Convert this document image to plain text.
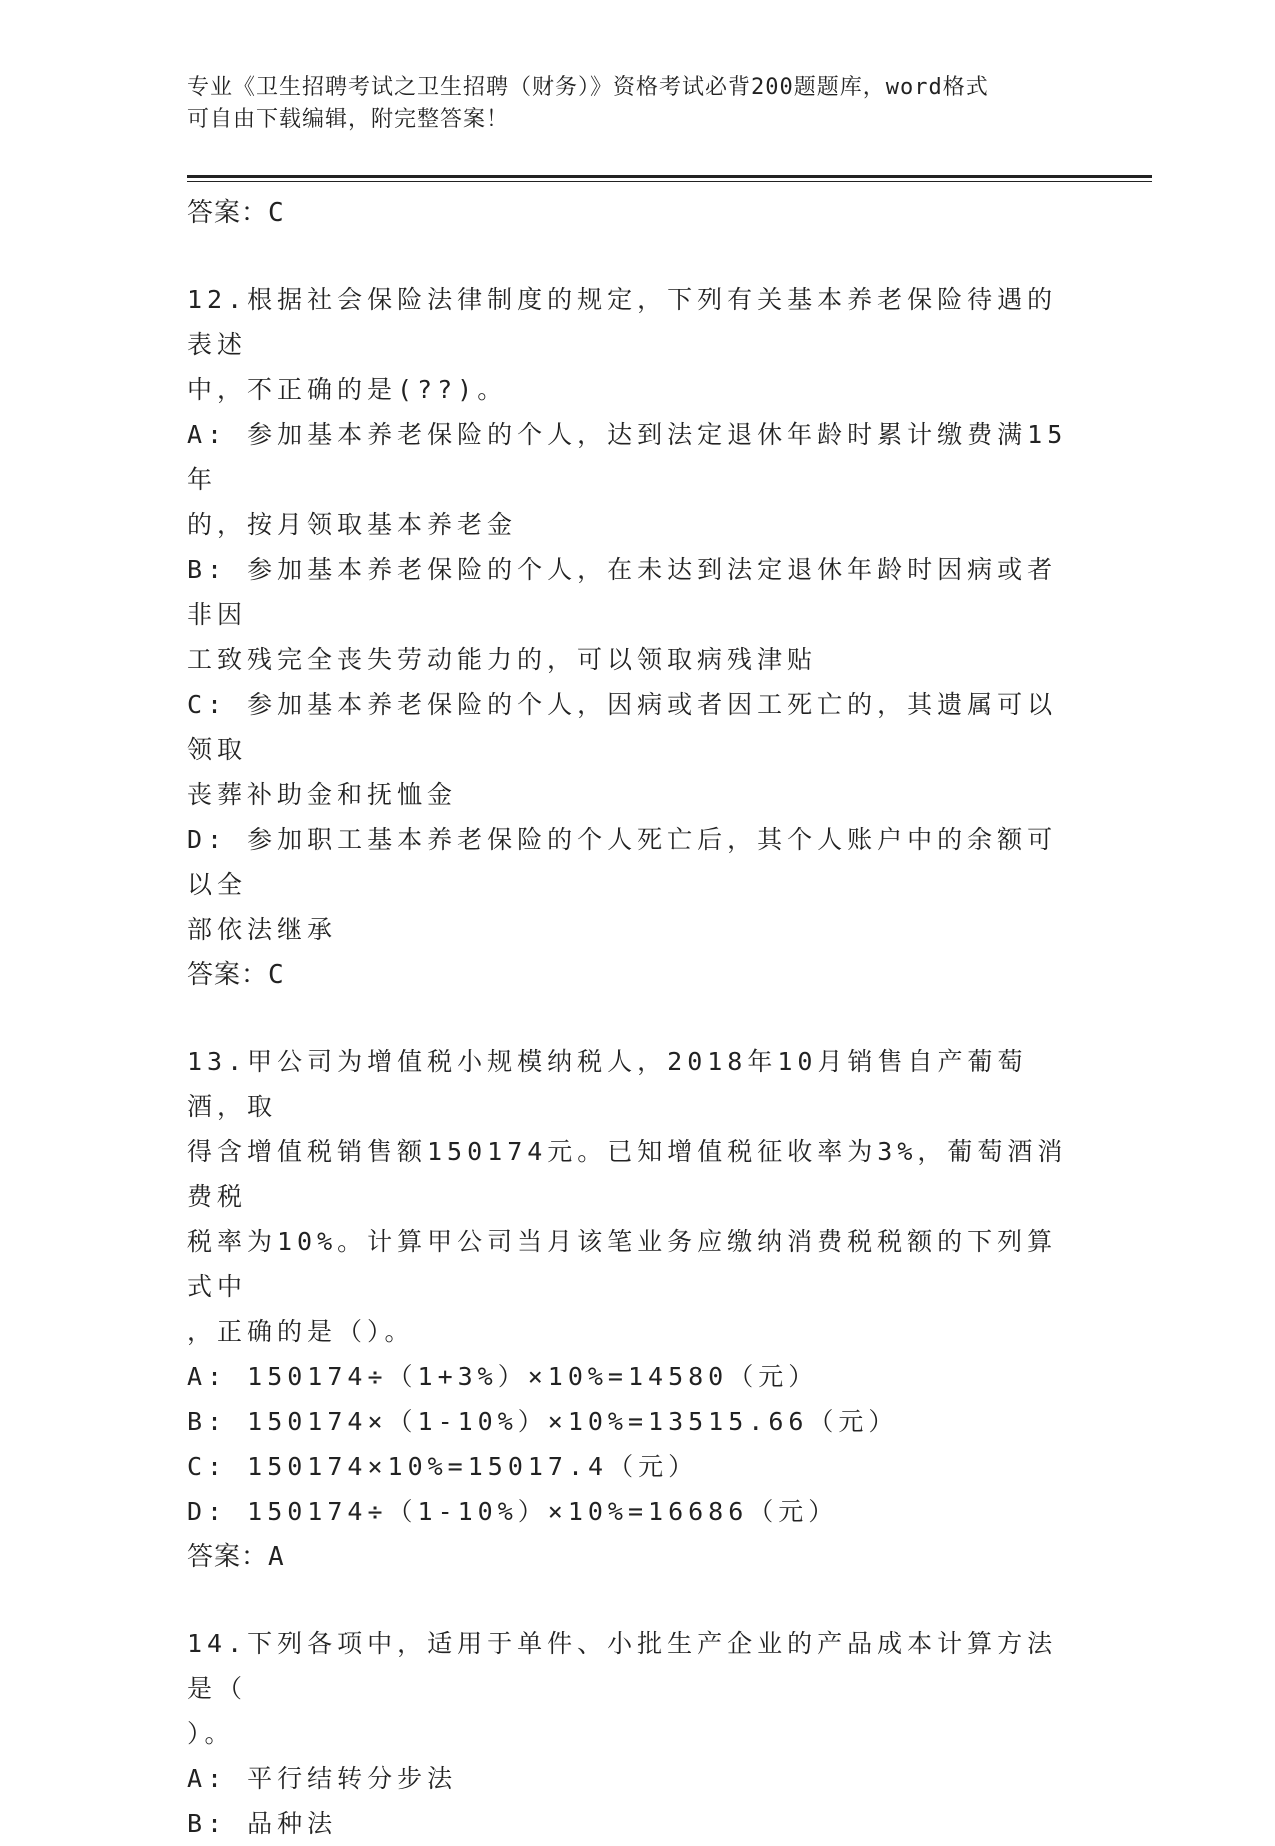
专业《卫生招聘考试之卫生招聘（财务）》资格考试必背200题题库，word格式
可自由下载编辑，附完整答案！
答案：C
12.根据社会保险法律制度的规定，下列有关基本养老保险待遇的表述
中，不正确的是(??)。
A: 参加基本养老保险的个人，达到法定退休年龄时累计缴费满15年
的，按月领取基本养老金
B: 参加基本养老保险的个人，在未达到法定退休年龄时因病或者非因
工致残完全丧失劳动能力的，可以领取病残津贴
C: 参加基本养老保险的个人，因病或者因工死亡的，其遗属可以领取
丧葬补助金和抚恤金
D: 参加职工基本养老保险的个人死亡后，其个人账户中的余额可以全
部依法继承
答案：C
13.甲公司为增值税小规模纳税人，2018年10月销售自产葡萄酒，取
得含增值税销售额150174元。已知增值税征收率为3%，葡萄酒消费税
税率为10%。计算甲公司当月该笔业务应缴纳消费税税额的下列算式中
，正确的是（）。
A: 150174÷（1+3%）×10%=14580（元）
B: 150174×（1-10%）×10%=13515.66（元）
C: 150174×10%=15017.4（元）
D: 150174÷（1-10%）×10%=16686（元）
答案：A
14.下列各项中，适用于单件、小批生产企业的产品成本计算方法是（
）。
A: 平行结转分步法
B: 品种法
